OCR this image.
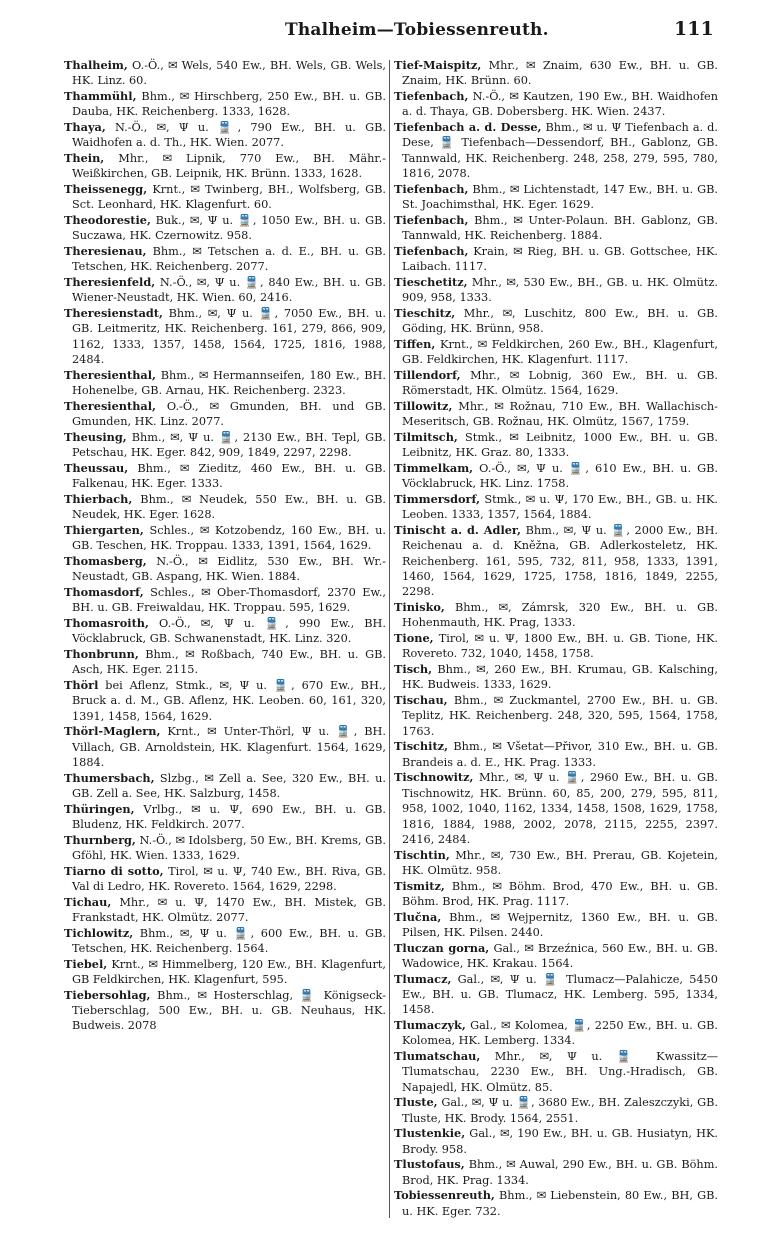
Thalheim—Tobiessenreuth.	111

Thalheim, O.-Ö., ✉ Wels, 540 Ew., BH. Wels, GB. Wels, HK. Linz. 60.

Thammühl, Bhm., ✉ Hirschberg, 250 Ew., BH. u. GB. Dauba, HK. Reichenberg. 1333, 1628.

Thaya, N.-Ö., ✉, Ψ u. 🚆, 790 Ew., BH. u. GB. Waidhofen a. d. Th., HK. Wien. 2077.

Thein, Mhr., ✉ Lipnik, 770 Ew., BH. Mähr.-Weißkirchen, GB. Leipnik, HK. Brünn. 1333, 1628.

Theissenegg, Krnt., ✉ Twinberg, BH., Wolfsberg, GB. Sct. Leonhard, HK. Klagenfurt. 60.

Theodorestie, Buk., ✉, Ψ u. 🚆, 1050 Ew., BH. u. GB. Suczawa, HK. Czernowitz. 958.

Theresienau, Bhm., ✉ Tetschen a. d. E., BH. u. GB. Tetschen, HK. Reichenberg. 2077.

Theresienfeld, N.-Ö., ✉, Ψ u. 🚆, 840 Ew., BH. u. GB. Wiener-Neustadt, HK. Wien. 60, 2416.

Theresienstadt, Bhm., ✉, Ψ u. 🚆, 7050 Ew., BH. u. GB. Leitmeritz, HK. Reichenberg. 161, 279, 866, 909, 1162, 1333, 1357, 1458, 1564, 1725, 1816, 1988, 2484.

Theresienthal, Bhm., ✉ Hermannseifen, 180 Ew., BH. Hohenelbe, GB. Arnau, HK. Reichenberg. 2323.

Theresienthal, O.-Ö., ✉ Gmunden, BH. und GB. Gmunden, HK. Linz. 2077.

Theusing, Bhm., ✉, Ψ u. 🚆, 2130 Ew., BH. Tepl, GB. Petschau, HK. Eger. 842, 909, 1849, 2297, 2298.

Theussau, Bhm., ✉ Zieditz, 460 Ew., BH. u. GB. Falkenau, HK. Eger. 1333.

Thierbach, Bhm., ✉ Neudek, 550 Ew., BH. u. GB. Neudek, HK. Eger. 1628.

Thiergarten, Schles., ✉ Kotzobendz, 160 Ew., BH. u. GB. Teschen, HK. Troppau. 1333, 1391, 1564, 1629.

Thomasberg, N.-Ö., ✉ Eidlitz, 530 Ew., BH. Wr.-Neustadt, GB. Aspang, HK. Wien. 1884.

Thomasdorf, Schles., ✉ Ober-Thomasdorf, 2370 Ew., BH. u. GB. Freiwaldau, HK. Troppau. 595, 1629.

Thomasroith, O.-Ö., ✉, Ψ u. 🚆, 990 Ew., BH. Vöcklabruck, GB. Schwanenstadt, HK. Linz. 320.

Thonbrunn, Bhm., ✉ Roßbach, 740 Ew., BH. u. GB. Asch, HK. Eger. 2115.

Thörl bei Aflenz, Stmk., ✉, Ψ u. 🚆, 670 Ew., BH., Bruck a. d. M., GB. Aflenz, HK. Leoben. 60, 161, 320, 1391, 1458, 1564, 1629.

Thörl-Maglern, Krnt., ✉ Unter-Thörl, Ψ u. 🚆, BH. Villach, GB. Arnoldstein, HK. Klagenfurt. 1564, 1629, 1884.

Thumersbach, Slzbg., ✉ Zell a. See, 320 Ew., BH. u. GB. Zell a. See, HK. Salzburg, 1458.

Thüringen, Vrlbg., ✉ u. Ψ, 690 Ew., BH. u. GB. Bludenz, HK. Feldkirch. 2077.

Thurnberg, N.-Ö., ✉ Idolsberg, 50 Ew., BH. Krems, GB. Gföhl, HK. Wien. 1333, 1629.

Tiarno di sotto, Tirol, ✉ u. Ψ, 740 Ew., BH. Riva, GB. Val di Ledro, HK. Rovereto. 1564, 1629, 2298.

Tichau, Mhr., ✉ u. Ψ, 1470 Ew., BH. Mistek, GB. Frankstadt, HK. Olmütz. 2077.

Tichlowitz, Bhm., ✉, Ψ u. 🚆, 600 Ew., BH. u. GB. Tetschen, HK. Reichenberg. 1564.

Tiebel, Krnt., ✉ Himmelberg, 120 Ew., BH. Klagenfurt, GB Feldkirchen, HK. Klagenfurt, 595.

Tiebersohlag, Bhm., ✉ Hosterschlag, 🚆 Königseck-Tieberschlag, 500 Ew., BH. u. GB. Neuhaus, HK. Budweis. 2078

Tief-Maispitz, Mhr., ✉ Znaim, 630 Ew., BH. u. GB. Znaim, HK. Brünn. 60.

Tiefenbach, N.-Ö., ✉ Kautzen, 190 Ew., BH. Waidhofen a. d. Thaya, GB. Dobersberg. HK. Wien. 2437.

Tiefenbach a. d. Desse, Bhm., ✉ u. Ψ Tiefenbach a. d. Dese, 🚆 Tiefenbach—Dessendorf, BH., Gablonz, GB. Tannwald, HK. Reichenberg. 248, 258, 279, 595, 780, 1816, 2078.

Tiefenbach, Bhm., ✉ Lichtenstadt, 147 Ew., BH. u. GB. St. Joachimsthal, HK. Eger. 1629.

Tiefenbach, Bhm., ✉ Unter-Polaun. BH. Gablonz, GB. Tannwald, HK. Reichenberg. 1884.

Tiefenbach, Krain, ✉ Rieg, BH. u. GB. Gottschee, HK. Laibach. 1117.

Tieschetitz, Mhr., ✉, 530 Ew., BH., GB. u. HK. Olmütz. 909, 958, 1333.

Tieschitz, Mhr., ✉, Luschitz, 800 Ew., BH. u. GB. Göding, HK. Brünn, 958.

Tiffen, Krnt., ✉ Feldkirchen, 260 Ew., BH., Klagenfurt, GB. Feldkirchen, HK. Klagenfurt. 1117.

Tillendorf, Mhr., ✉ Lobnig, 360 Ew., BH. u. GB. Römerstadt, HK. Olmütz. 1564, 1629.

Tillowitz, Mhr., ✉ Rožnau, 710 Ew., BH. Wallachisch-Meseritsch, GB. Rožnau, HK. Olmütz, 1567, 1759.

Tilmitsch, Stmk., ✉ Leibnitz, 1000 Ew., BH. u. GB. Leibnitz, HK. Graz. 80, 1333.

Timmelkam, O.-Ö., ✉, Ψ u. 🚆, 610 Ew., BH. u. GB. Vöcklabruck, HK. Linz. 1758.

Timmersdorf, Stmk., ✉ u. Ψ, 170 Ew., BH., GB. u. HK. Leoben. 1333, 1357, 1564, 1884.

Tinischt a. d. Adler, Bhm., ✉, Ψ u. 🚆, 2000 Ew., BH. Reichenau a. d. Kněžna, GB. Adlerkosteletz, HK. Reichenberg. 161, 595, 732, 811, 958, 1333, 1391, 1460, 1564, 1629, 1725, 1758, 1816, 1849, 2255, 2298.

Tinisko, Bhm., ✉, Zámrsk, 320 Ew., BH. u. GB. Hohenmauth, HK. Prag, 1333.

Tione, Tirol, ✉ u. Ψ, 1800 Ew., BH. u. GB. Tione, HK. Rovereto. 732, 1040, 1458, 1758.

Tisch, Bhm., ✉, 260 Ew., BH. Krumau, GB. Kalsching, HK. Budweis. 1333, 1629.

Tischau, Bhm., ✉ Zuckmantel, 2700 Ew., BH. u. GB. Teplitz, HK. Reichenberg. 248, 320, 595, 1564, 1758, 1763.

Tischitz, Bhm., ✉ Všetat—Přivor, 310 Ew., BH. u. GB. Brandeis a. d. E., HK. Prag. 1333.

Tischnowitz, Mhr., ✉, Ψ u. 🚆, 2960 Ew., BH. u. GB. Tischnowitz, HK. Brünn. 60, 85, 200, 279, 595, 811, 958, 1002, 1040, 1162, 1334, 1458, 1508, 1629, 1758, 1816, 1884, 1988, 2002, 2078, 2115, 2255, 2397. 2416, 2484.

Tischtin, Mhr., ✉, 730 Ew., BH. Prerau, GB. Kojetein, HK. Olmütz. 958.

Tismitz, Bhm., ✉ Böhm. Brod, 470 Ew., BH. u. GB. Böhm. Brod, HK. Prag. 1117.

Tlučna, Bhm., ✉ Wejpernitz, 1360 Ew., BH. u. GB. Pilsen, HK. Pilsen. 2440.

Tluczan gorna, Gal., ✉ Brzeźnica, 560 Ew., BH. u. GB. Wadowice, HK. Krakau. 1564.

Tlumacz, Gal., ✉, Ψ u. 🚆 Tlumacz—Palahicze, 5450 Ew., BH. u. GB. Tlumacz, HK. Lemberg. 595, 1334, 1458.

Tlumaczyk, Gal., ✉ Kolomea, 🚆, 2250 Ew., BH. u. GB. Kolomea, HK. Lemberg. 1334.

Tlumatschau, Mhr., ✉, Ψ u. 🚆 Kwassitz—Tlumatschau, 2230 Ew., BH. Ung.-Hradisch, GB. Napajedl, HK. Olmütz. 85.

Tluste, Gal., ✉, Ψ u. 🚆, 3680 Ew., BH. Zaleszczyki, GB. Tluste, HK. Brody. 1564, 2551.

Tlustenkie, Gal., ✉, 190 Ew., BH. u. GB. Husiatyn, HK. Brody. 958.

Tlustofaus, Bhm., ✉ Auwal, 290 Ew., BH. u. GB. Böhm. Brod, HK. Prag. 1334.

Tobiessenreuth, Bhm., ✉ Liebenstein, 80 Ew., BH, GB. u. HK. Eger. 732.
